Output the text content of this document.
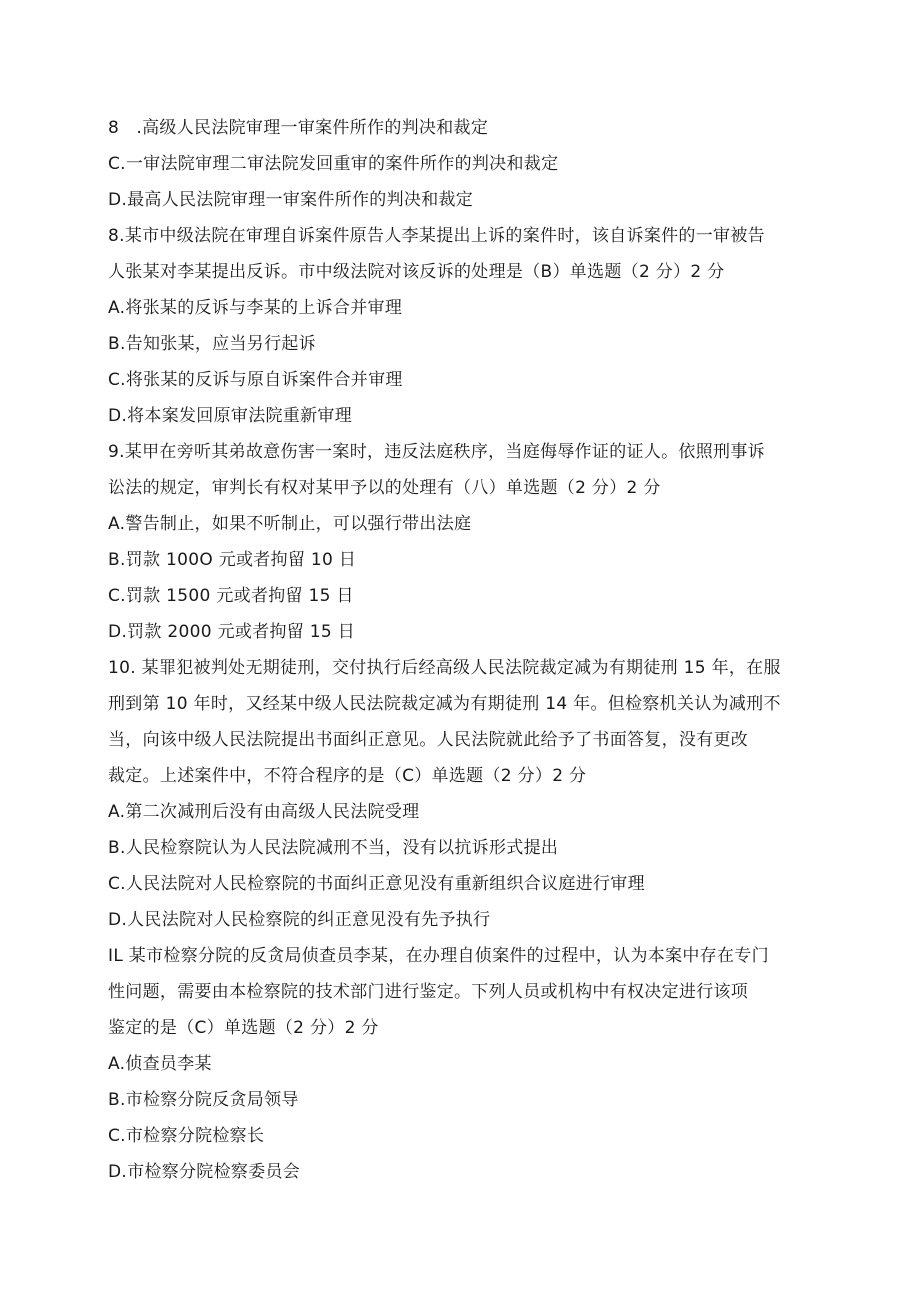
8　.高级人民法院审理一审案件所作的判决和裁定

C.一审法院审理二审法院发回重审的案件所作的判决和裁定

D.最高人民法院审理一审案件所作的判决和裁定

8.某市中级法院在审理自诉案件原告人李某提出上诉的案件时，该自诉案件的一审被告

人张某对李某提出反诉。市中级法院对该反诉的处理是（B）单选题（2 分）2 分

A.将张某的反诉与李某的上诉合并审理

B.告知张某，应当另行起诉

C.将张某的反诉与原自诉案件合并审理

D.将本案发回原审法院重新审理

9.某甲在旁听其弟故意伤害一案时，违反法庭秩序，当庭侮辱作证的证人。依照刑事诉

讼法的规定，审判长有权对某甲予以的处理有（八）单选题（2 分）2 分

A.警告制止，如果不听制止，可以强行带出法庭

B.罚款 100O 元或者拘留 10 日

C.罚款 1500 元或者拘留 15 日

D.罚款 2000 元或者拘留 15 日

10. 某罪犯被判处无期徒刑，交付执行后经高级人民法院裁定减为有期徒刑 15 年，在服

刑到第 10 年时，又经某中级人民法院裁定减为有期徒刑 14 年。但检察机关认为减刑不

当，向该中级人民法院提出书面纠正意见。人民法院就此给予了书面答复，没有更改

裁定。上述案件中，不符合程序的是（C）单选题（2 分）2 分

A.第二次减刑后没有由高级人民法院受理

B.人民检察院认为人民法院减刑不当，没有以抗诉形式提出

C.人民法院对人民检察院的书面纠正意见没有重新组织合议庭进行审理

D.人民法院对人民检察院的纠正意见没有先予执行

IL 某市检察分院的反贪局侦查员李某，在办理自侦案件的过程中，认为本案中存在专门

性问题，需要由本检察院的技术部门进行鉴定。下列人员或机构中有权决定进行该项

鉴定的是（C）单选题（2 分）2 分

A.侦查员李某

B.市检察分院反贪局领导

C.市检察分院检察长

D.市检察分院检察委员会
